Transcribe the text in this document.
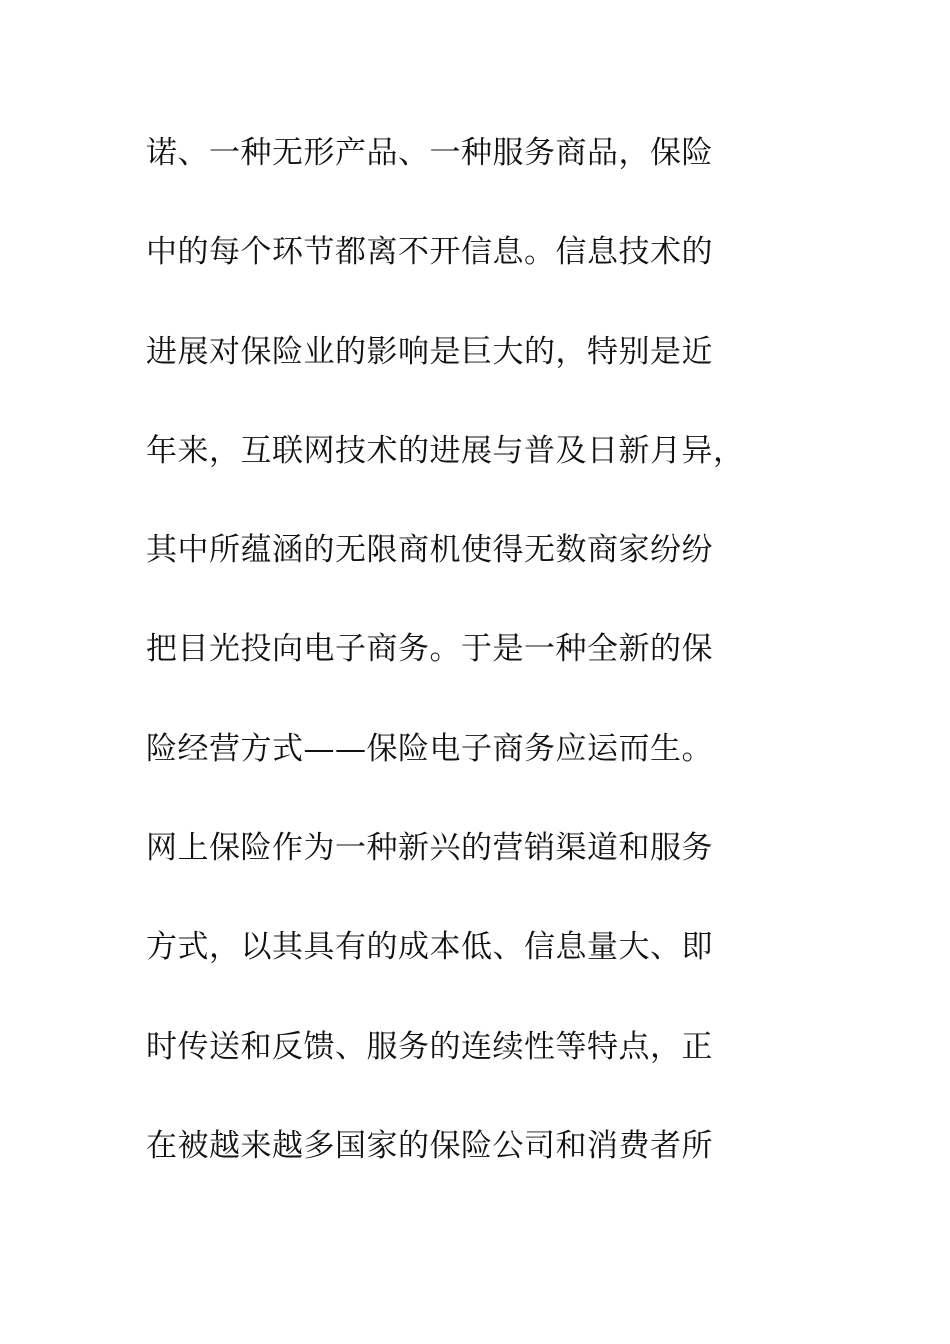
诺、一种无形产品、一种服务商品，保险
中的每个环节都离不开信息。信息技术的
进展对保险业的影响是巨大的，特别是近
年来，互联网技术的进展与普及日新月异，
其中所蕴涵的无限商机使得无数商家纷纷
把目光投向电子商务。于是一种全新的保
险经营方式——保险电子商务应运而生。
网上保险作为一种新兴的营销渠道和服务
方式，以其具有的成本低、信息量大、即
时传送和反馈、服务的连续性等特点，正
在被越来越多国家的保险公司和消费者所
